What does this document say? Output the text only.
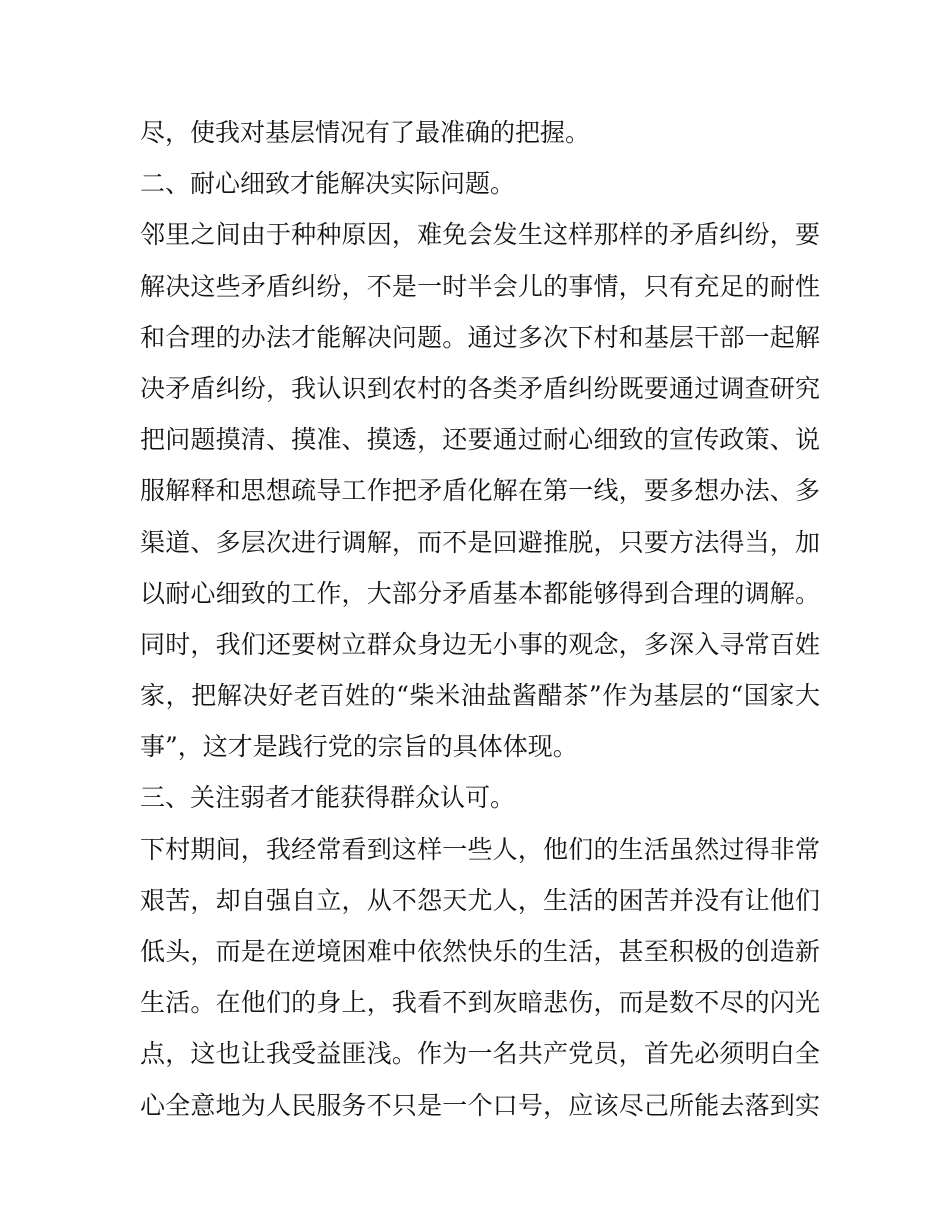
尽，使我对基层情况有了最准确的把握。
二、耐心细致才能解决实际问题。
邻里之间由于种种原因，难免会发生这样那样的矛盾纠纷，要
解决这些矛盾纠纷，不是一时半会儿的事情，只有充足的耐性
和合理的办法才能解决问题。通过多次下村和基层干部一起解
决矛盾纠纷，我认识到农村的各类矛盾纠纷既要通过调查研究
把问题摸清、摸准、摸透，还要通过耐心细致的宣传政策、说
服解释和思想疏导工作把矛盾化解在第一线，要多想办法、多
渠道、多层次进行调解，而不是回避推脱，只要方法得当，加
以耐心细致的工作，大部分矛盾基本都能够得到合理的调解。
同时，我们还要树立群众身边无小事的观念，多深入寻常百姓
家，把解决好老百姓的“柴米油盐酱醋茶”作为基层的“国家大
事”，这才是践行党的宗旨的具体体现。
三、关注弱者才能获得群众认可。
下村期间，我经常看到这样一些人，他们的生活虽然过得非常
艰苦，却自强自立，从不怨天尤人，生活的困苦并没有让他们
低头，而是在逆境困难中依然快乐的生活，甚至积极的创造新
生活。在他们的身上，我看不到灰暗悲伤，而是数不尽的闪光
点，这也让我受益匪浅。作为一名共产党员，首先必须明白全
心全意地为人民服务不只是一个口号，应该尽己所能去落到实
